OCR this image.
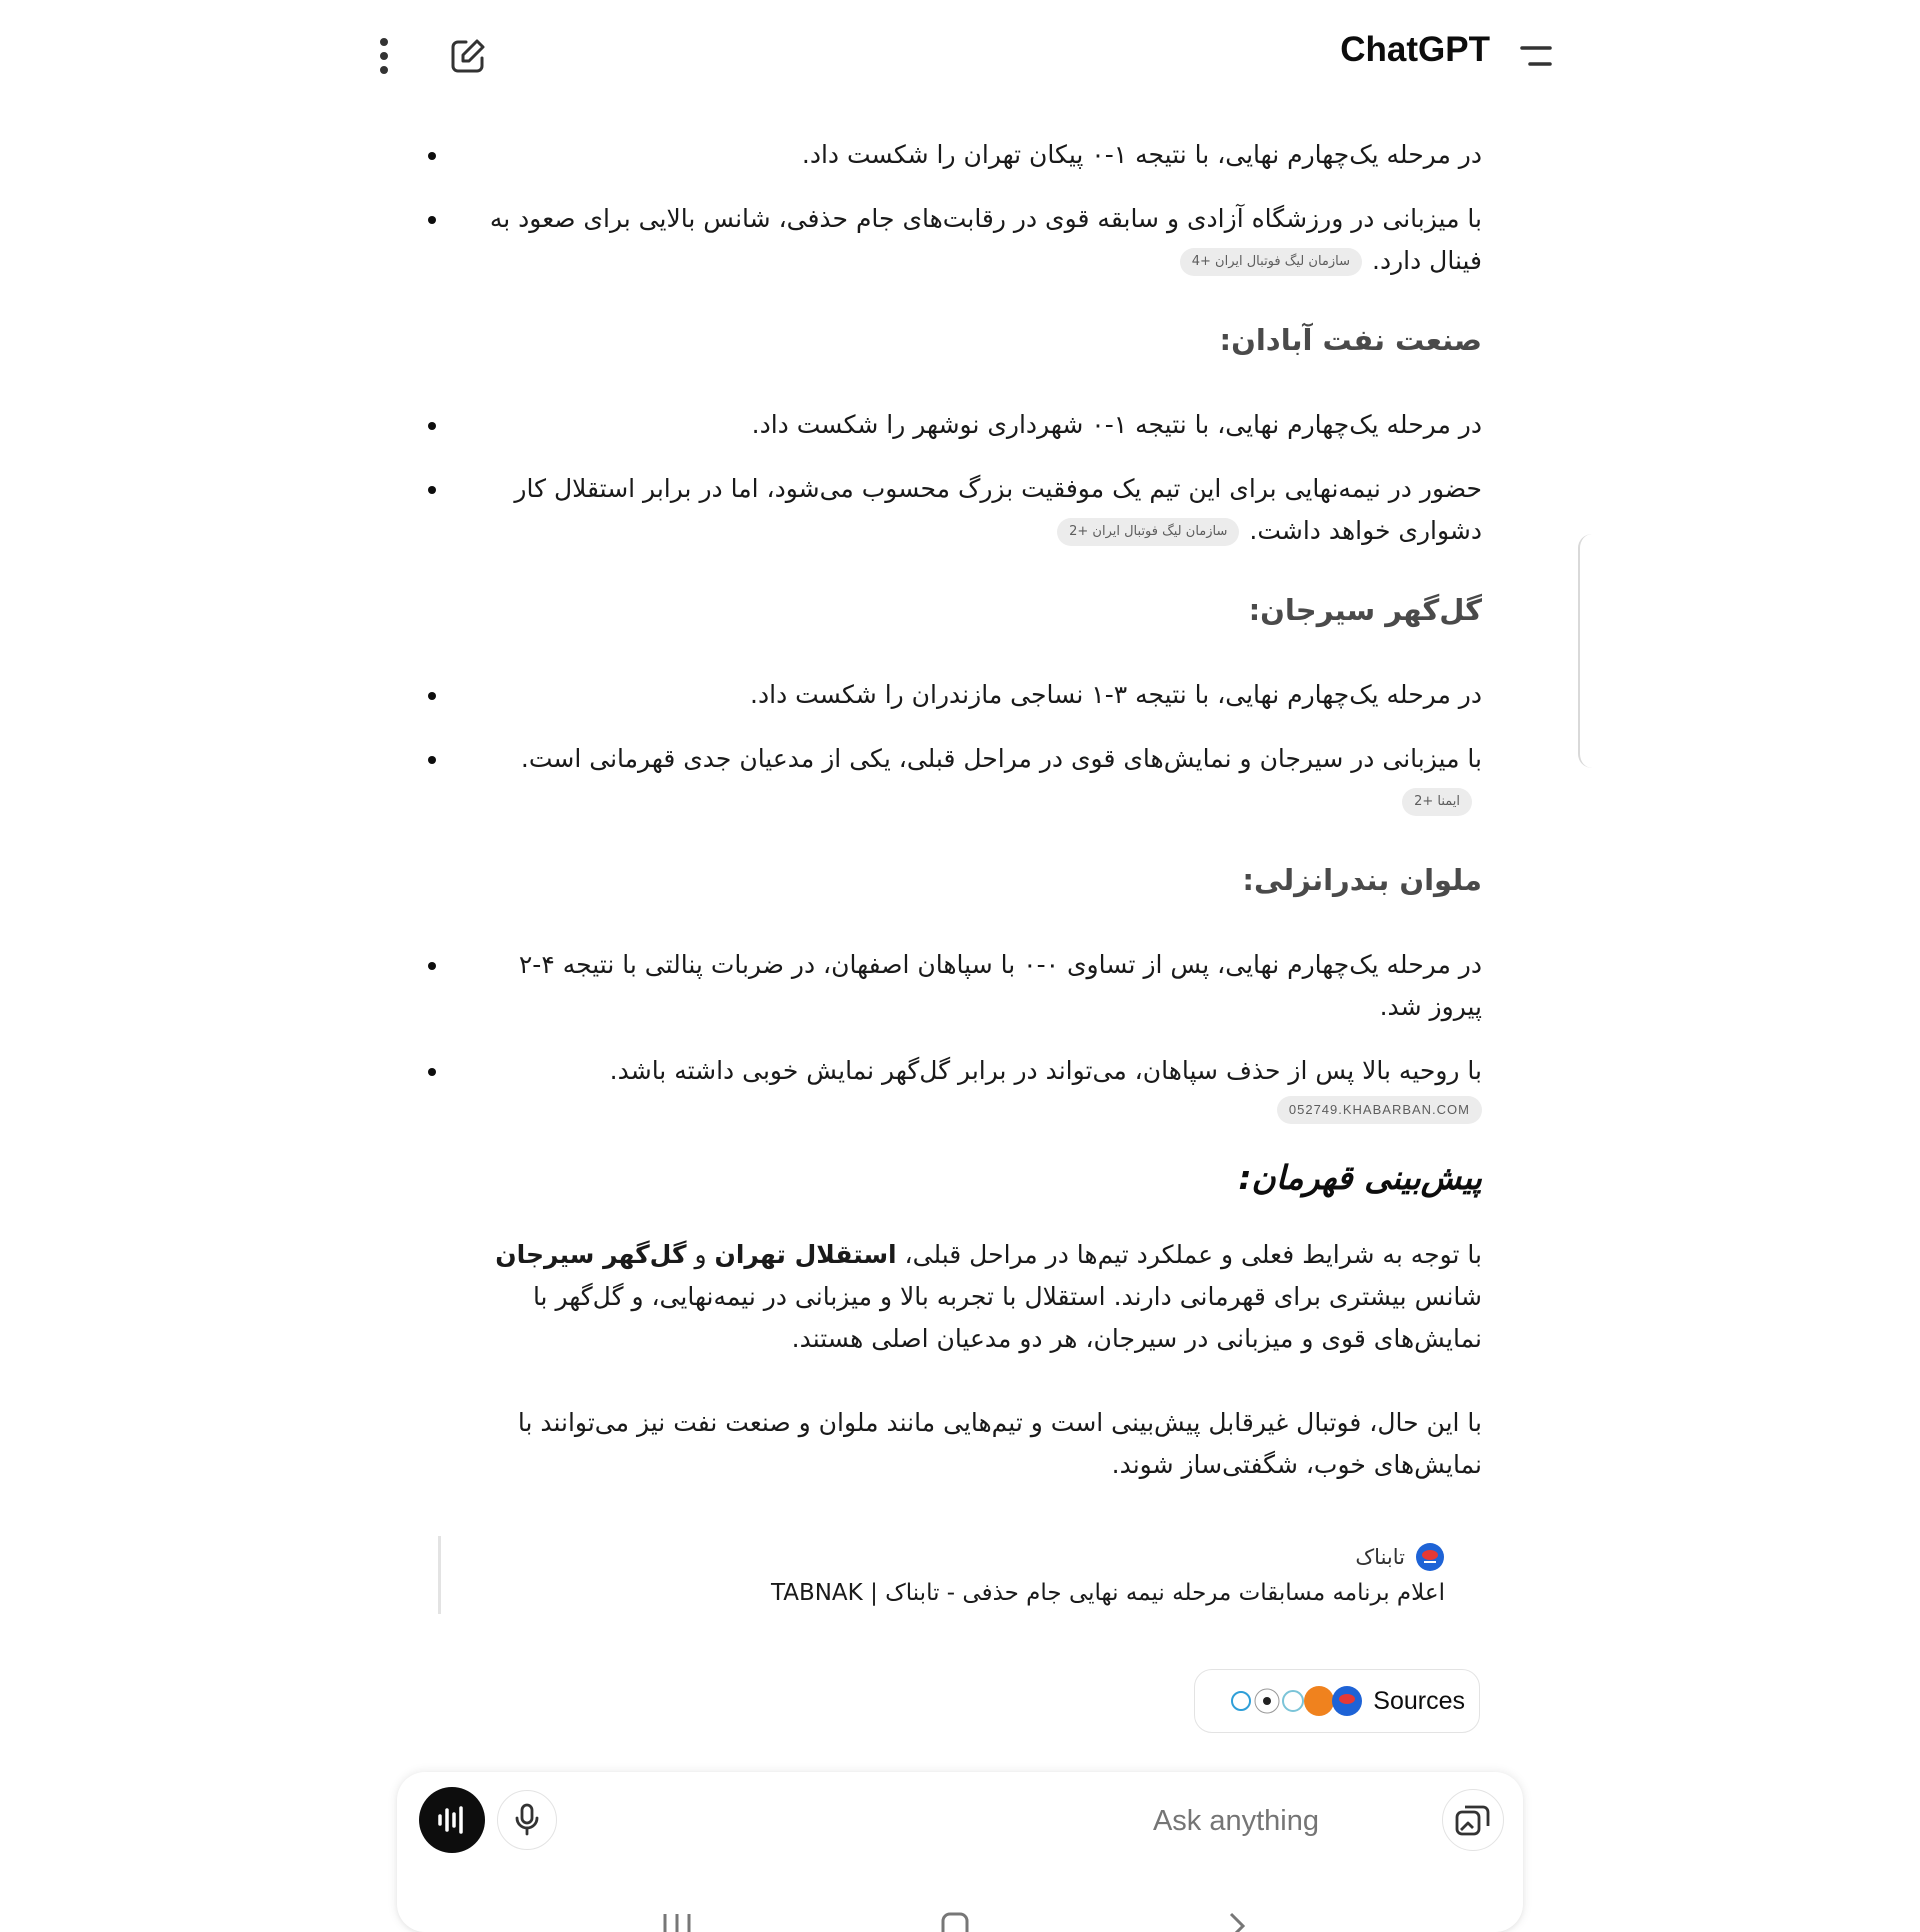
ChatGPT
در مرحله یک‌چهارم نهایی، با نتیجه ۱-۰ پیکان تهران را شکست داد.
با میزبانی در ورزشگاه آزادی و سابقه قوی در رقابت‌های جام حذفی، شانس بالایی برای صعود به فینال دارد.سازمان لیگ فوتبال ایران +4
صنعت نفت آبادان:
در مرحله یک‌چهارم نهایی، با نتیجه ۱-۰ شهرداری نوشهر را شکست داد.
حضور در نیمه‌نهایی برای این تیم یک موفقیت بزرگ محسوب می‌شود، اما در برابر استقلال کار دشواری خواهد داشت.سازمان لیگ فوتبال ایران +2
گل‌گهر سیرجان:
در مرحله یک‌چهارم نهایی، با نتیجه ۳-۱ نساجی مازندران را شکست داد.
با میزبانی در سیرجان و نمایش‌های قوی در مراحل قبلی، یکی از مدعیان جدی قهرمانی است.ایمنا +2
ملوان بندرانزلی:
در مرحله یک‌چهارم نهایی، پس از تساوی ۰-۰ با سپاهان اصفهان، در ضربات پنالتی با نتیجه ۴-۲ پیروز شد.
با روحیه بالا پس از حذف سپاهان، می‌تواند در برابر گل‌گهر نمایش خوبی داشته باشد.
052749.KHABARBAN.COM
پیش‌بینی قهرمان:
با توجه به شرایط فعلی و عملکرد تیم‌ها در مراحل قبلی، استقلال تهران و گل‌گهر سیرجان شانس بیشتری برای قهرمانی دارند. استقلال با تجربه بالا و میزبانی در نیمه‌نهایی، و گل‌گهر با نمایش‌های قوی و میزبانی در سیرجان، هر دو مدعیان اصلی هستند.
با این حال، فوتبال غیرقابل پیش‌بینی است و تیم‌هایی مانند ملوان و صنعت نفت نیز می‌توانند با نمایش‌های خوب، شگفتی‌ساز شوند.
تابناک
اعلام برنامه مسابقات مرحله نیمه نهایی جام حذفی - تابناک | TABNAK
Sources
Ask anything
